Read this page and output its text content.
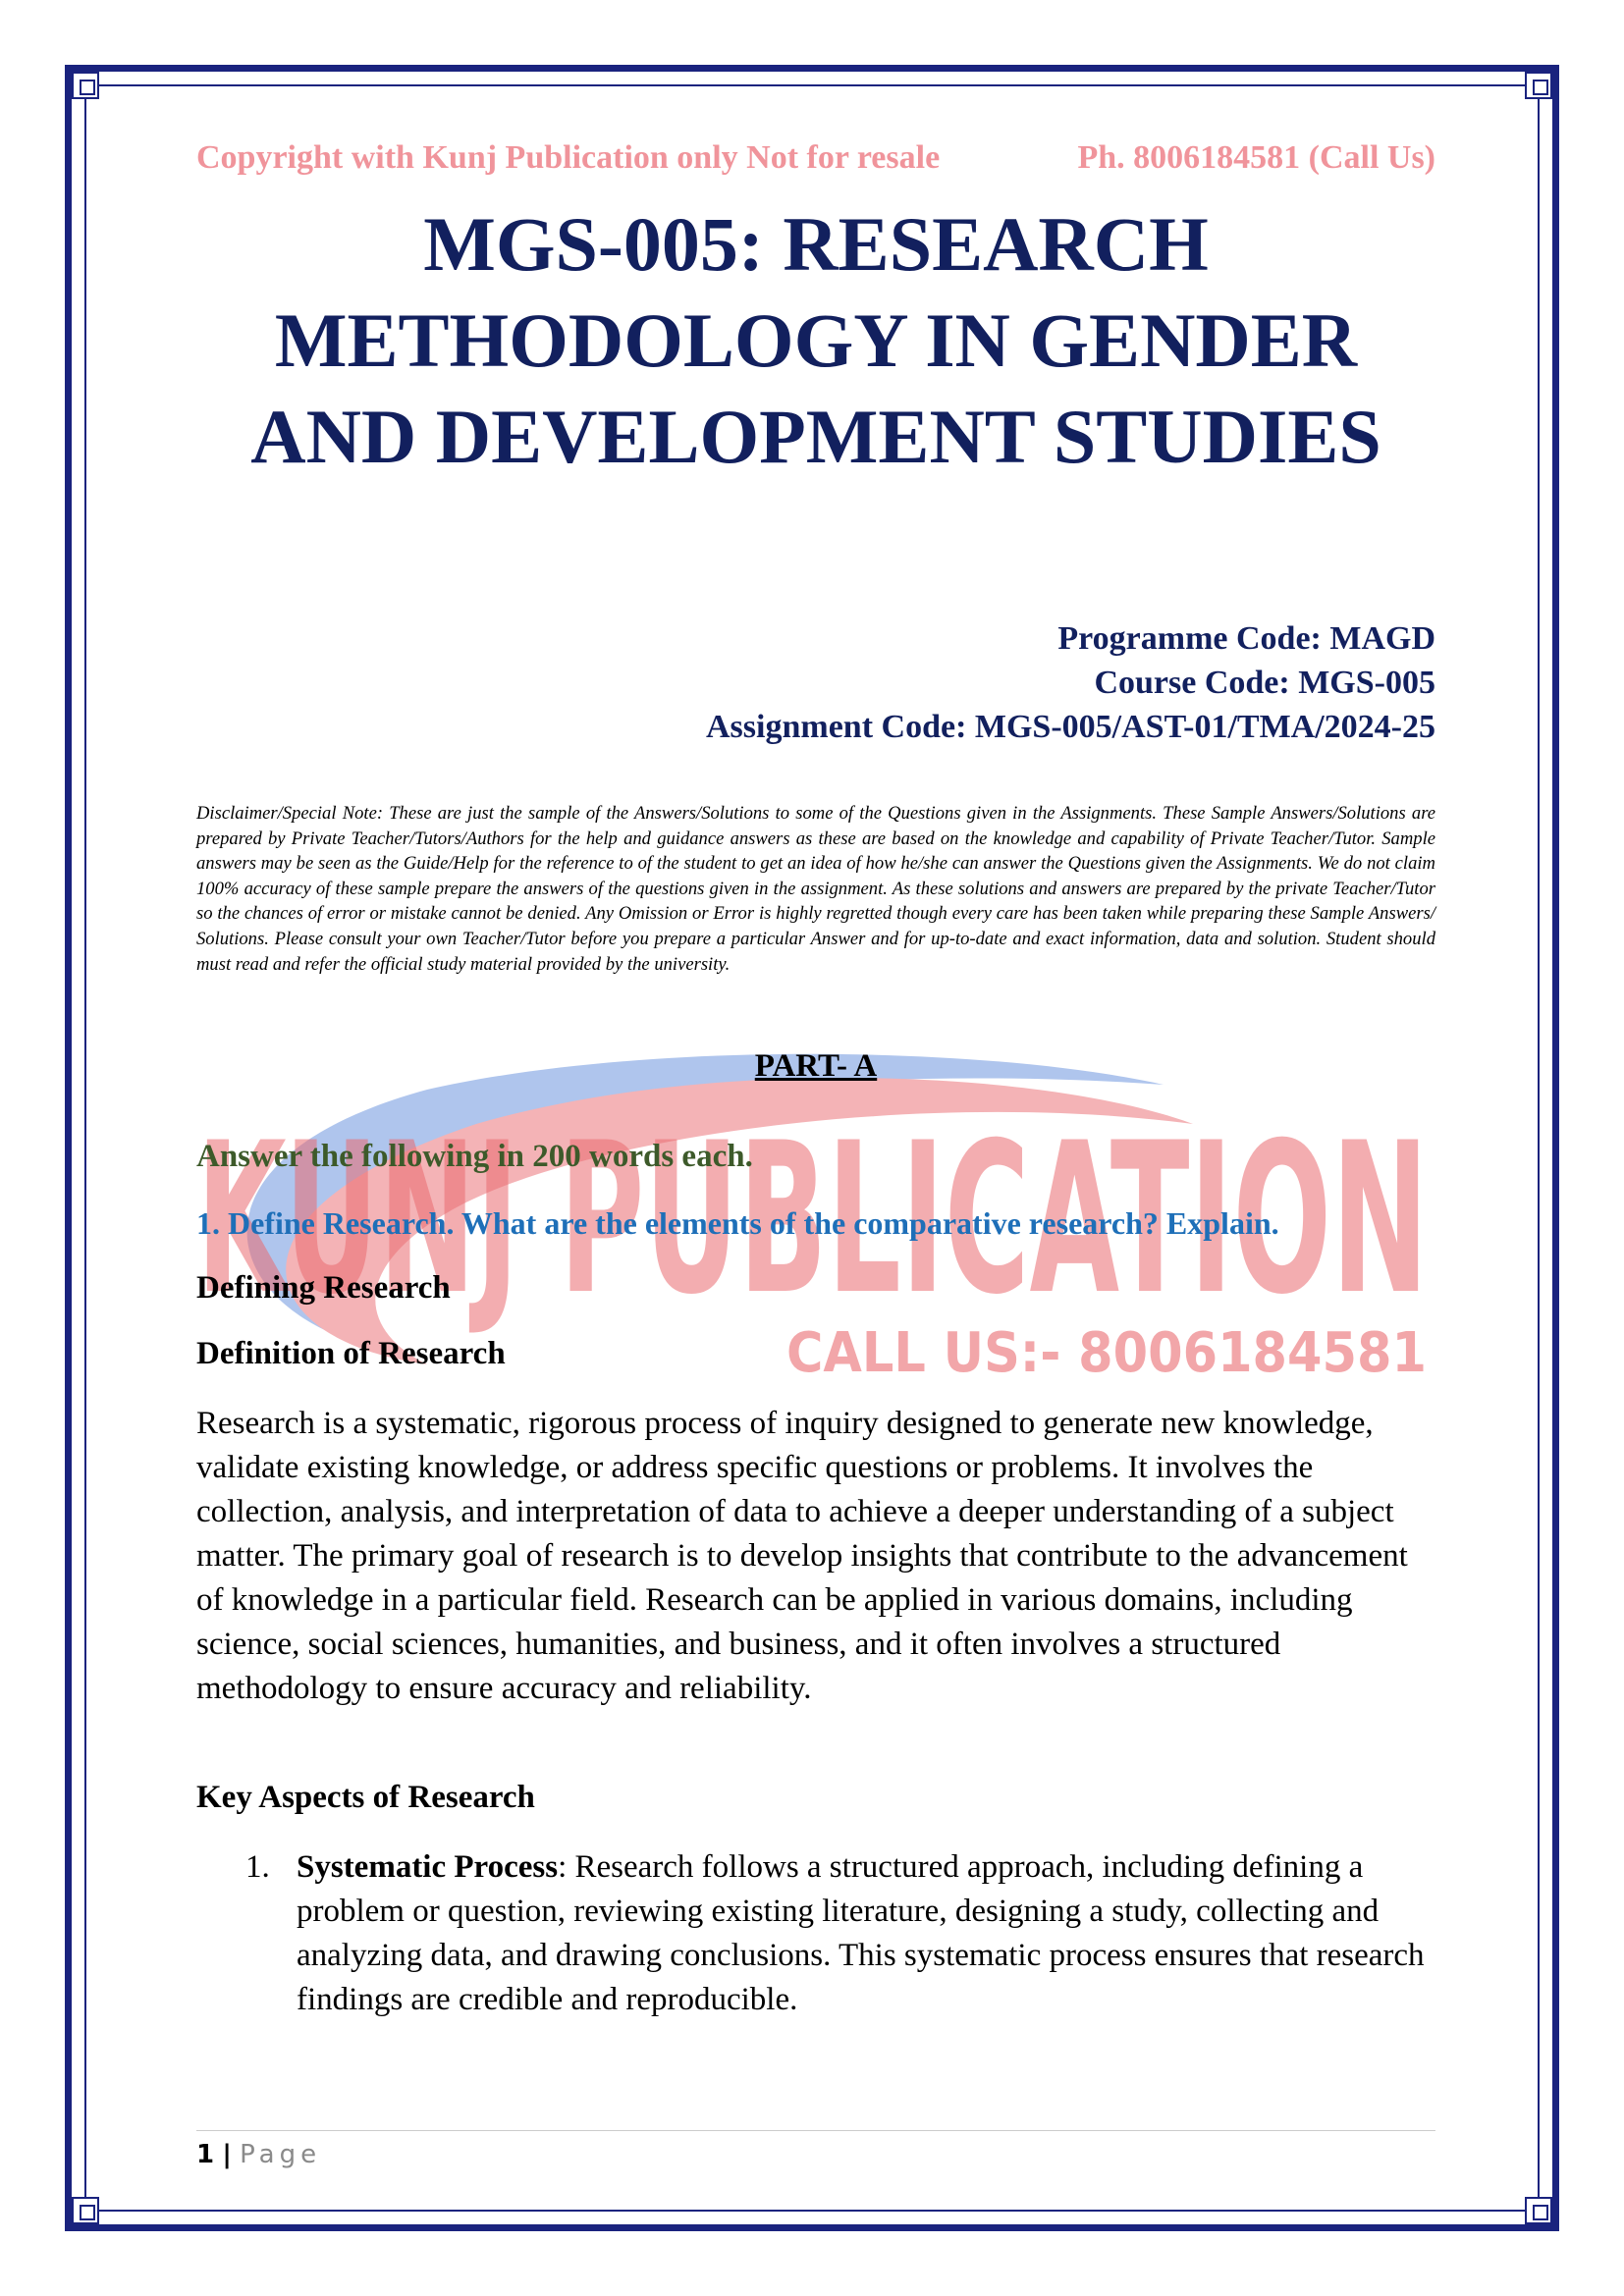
Copyright with Kunj Publication only Not for resale	Ph. 8006184581 (Call Us)
MGS-005: RESEARCH
METHODOLOGY IN GENDER
AND DEVELOPMENT STUDIES
Programme Code: MAGD
Course Code: MGS-005
Assignment Code: MGS-005/AST-01/TMA/2024-25

Disclaimer/Special Note: These are just the sample of the Answers/Solutions to some of the Questions given in the Assignments. These Sample Answers/Solutions are prepared by Private Teacher/Tutors/Authors for the help and guidance answers as these are based on the knowledge and capability of Private Teacher/Tutor. Sample answers may be seen as the Guide/Help for the reference to of the student to get an idea of how he/she can answer the Questions given the Assignments. We do not claim 100% accuracy of these sample prepare the answers of the questions given in the assignment. As these solutions and answers are prepared by the private Teacher/Tutor so the chances of error or mistake cannot be denied. Any Omission or Error is highly regretted though every care has been taken while preparing these Sample Answers/ Solutions. Please consult your own Teacher/Tutor before you prepare a particular Answer and for up-to-date and exact information, data and solution. Student should must read and refer the official study material provided by the university.

KUNJ PUBLICATION
CALL US:- 8006184581
PART- A
Answer the following in 200 words each.
1. Define Research. What are the elements of the comparative research? Explain.
Defining Research
Definition of Research

Research is a systematic, rigorous process of inquiry designed to generate new knowledge, validate existing knowledge, or address specific questions or problems. It involves the collection, analysis, and interpretation of data to achieve a deeper understanding of a subject matter. The primary goal of research is to develop insights that contribute to the advancement of knowledge in a particular field. Research can be applied in various domains, including science, social sciences, humanities, and business, and it often involves a structured methodology to ensure accuracy and reliability.

Key Aspects of Research
1. Systematic Process: Research follows a structured approach, including defining a problem or question, reviewing existing literature, designing a study, collecting and analyzing data, and drawing conclusions. This systematic process ensures that research findings are credible and reproducible.
1 | Page
